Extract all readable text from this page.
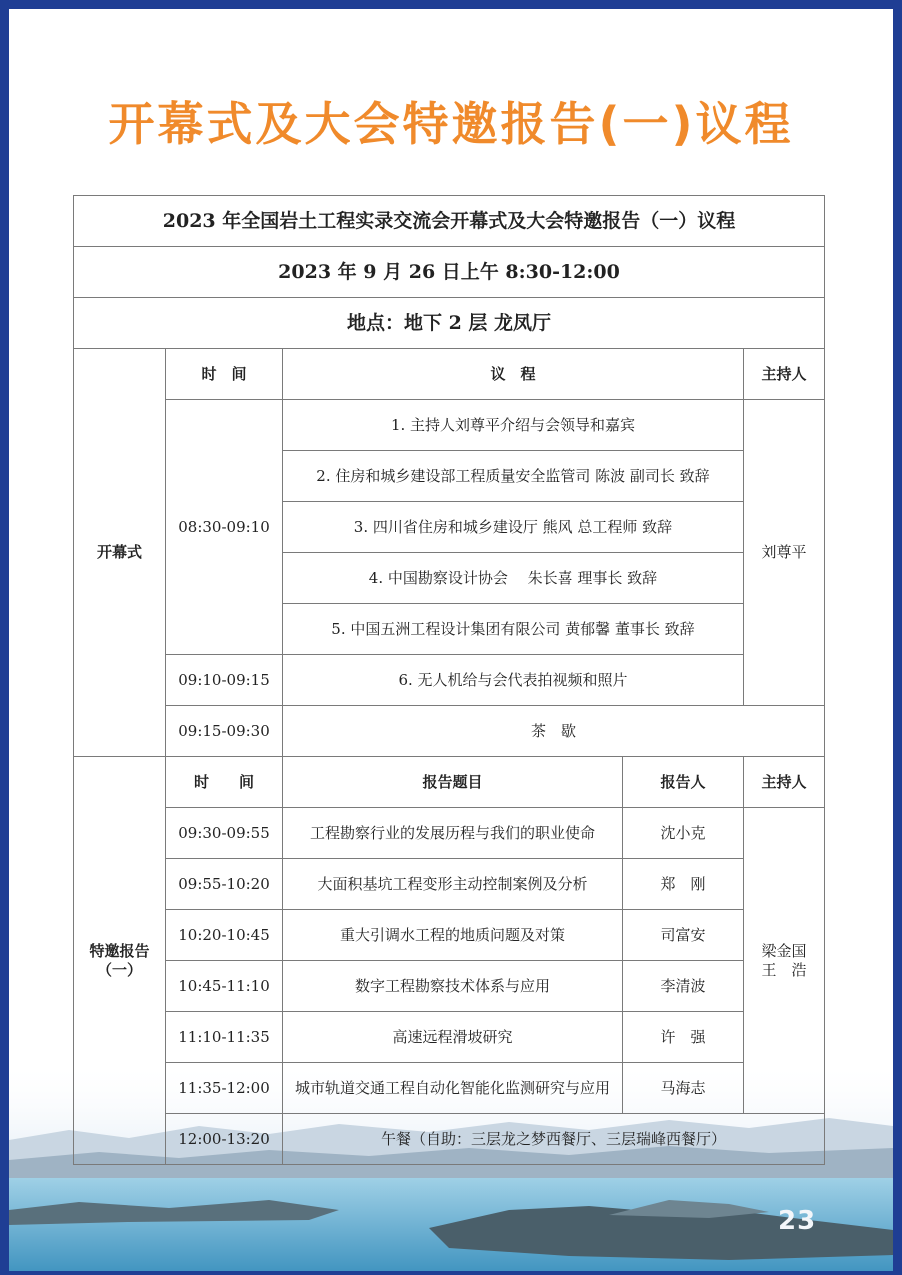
开幕式及大会特邀报告(一)议程
2023 年全国岩土工程实录交流会开幕式及大会特邀报告（一）议程				
2023 年 9 月 26 日上午 8:30-12:00				
地点：地下 2 层 龙凤厅				
开幕式	时　间	议　程		主持人
	08:30-09:10	1. 主持人刘尊平介绍与会领导和嘉宾		刘尊平
		2. 住房和城乡建设部工程质量安全监管司 陈波 副司长 致辞		
		3. 四川省住房和城乡建设厅 熊风 总工程师 致辞		
		4. 中国勘察设计协会　 朱长喜 理事长 致辞		
		5. 中国五洲工程设计集团有限公司 黄郁馨 董事长 致辞		
	09:10-09:15	6. 无人机给与会代表拍视频和照片		
	09:15-09:30	茶　歇		
特邀报告
（一）	时　　间	报告题目	报告人	主持人
	09:30-09:55	工程勘察行业的发展历程与我们的职业使命	沈小克	梁金国
王　浩
	09:55-10:20	大面积基坑工程变形主动控制案例及分析	郑　刚	
	10:20-10:45	重大引调水工程的地质问题及对策	司富安	
	10:45-11:10	数字工程勘察技术体系与应用	李清波	
	11:10-11:35	高速远程滑坡研究	许　强	
	11:35-12:00	城市轨道交通工程自动化智能化监测研究与应用	马海志	
	12:00-13:20	午餐（自助：三层龙之梦西餐厅、三层瑞峰西餐厅）		
23
